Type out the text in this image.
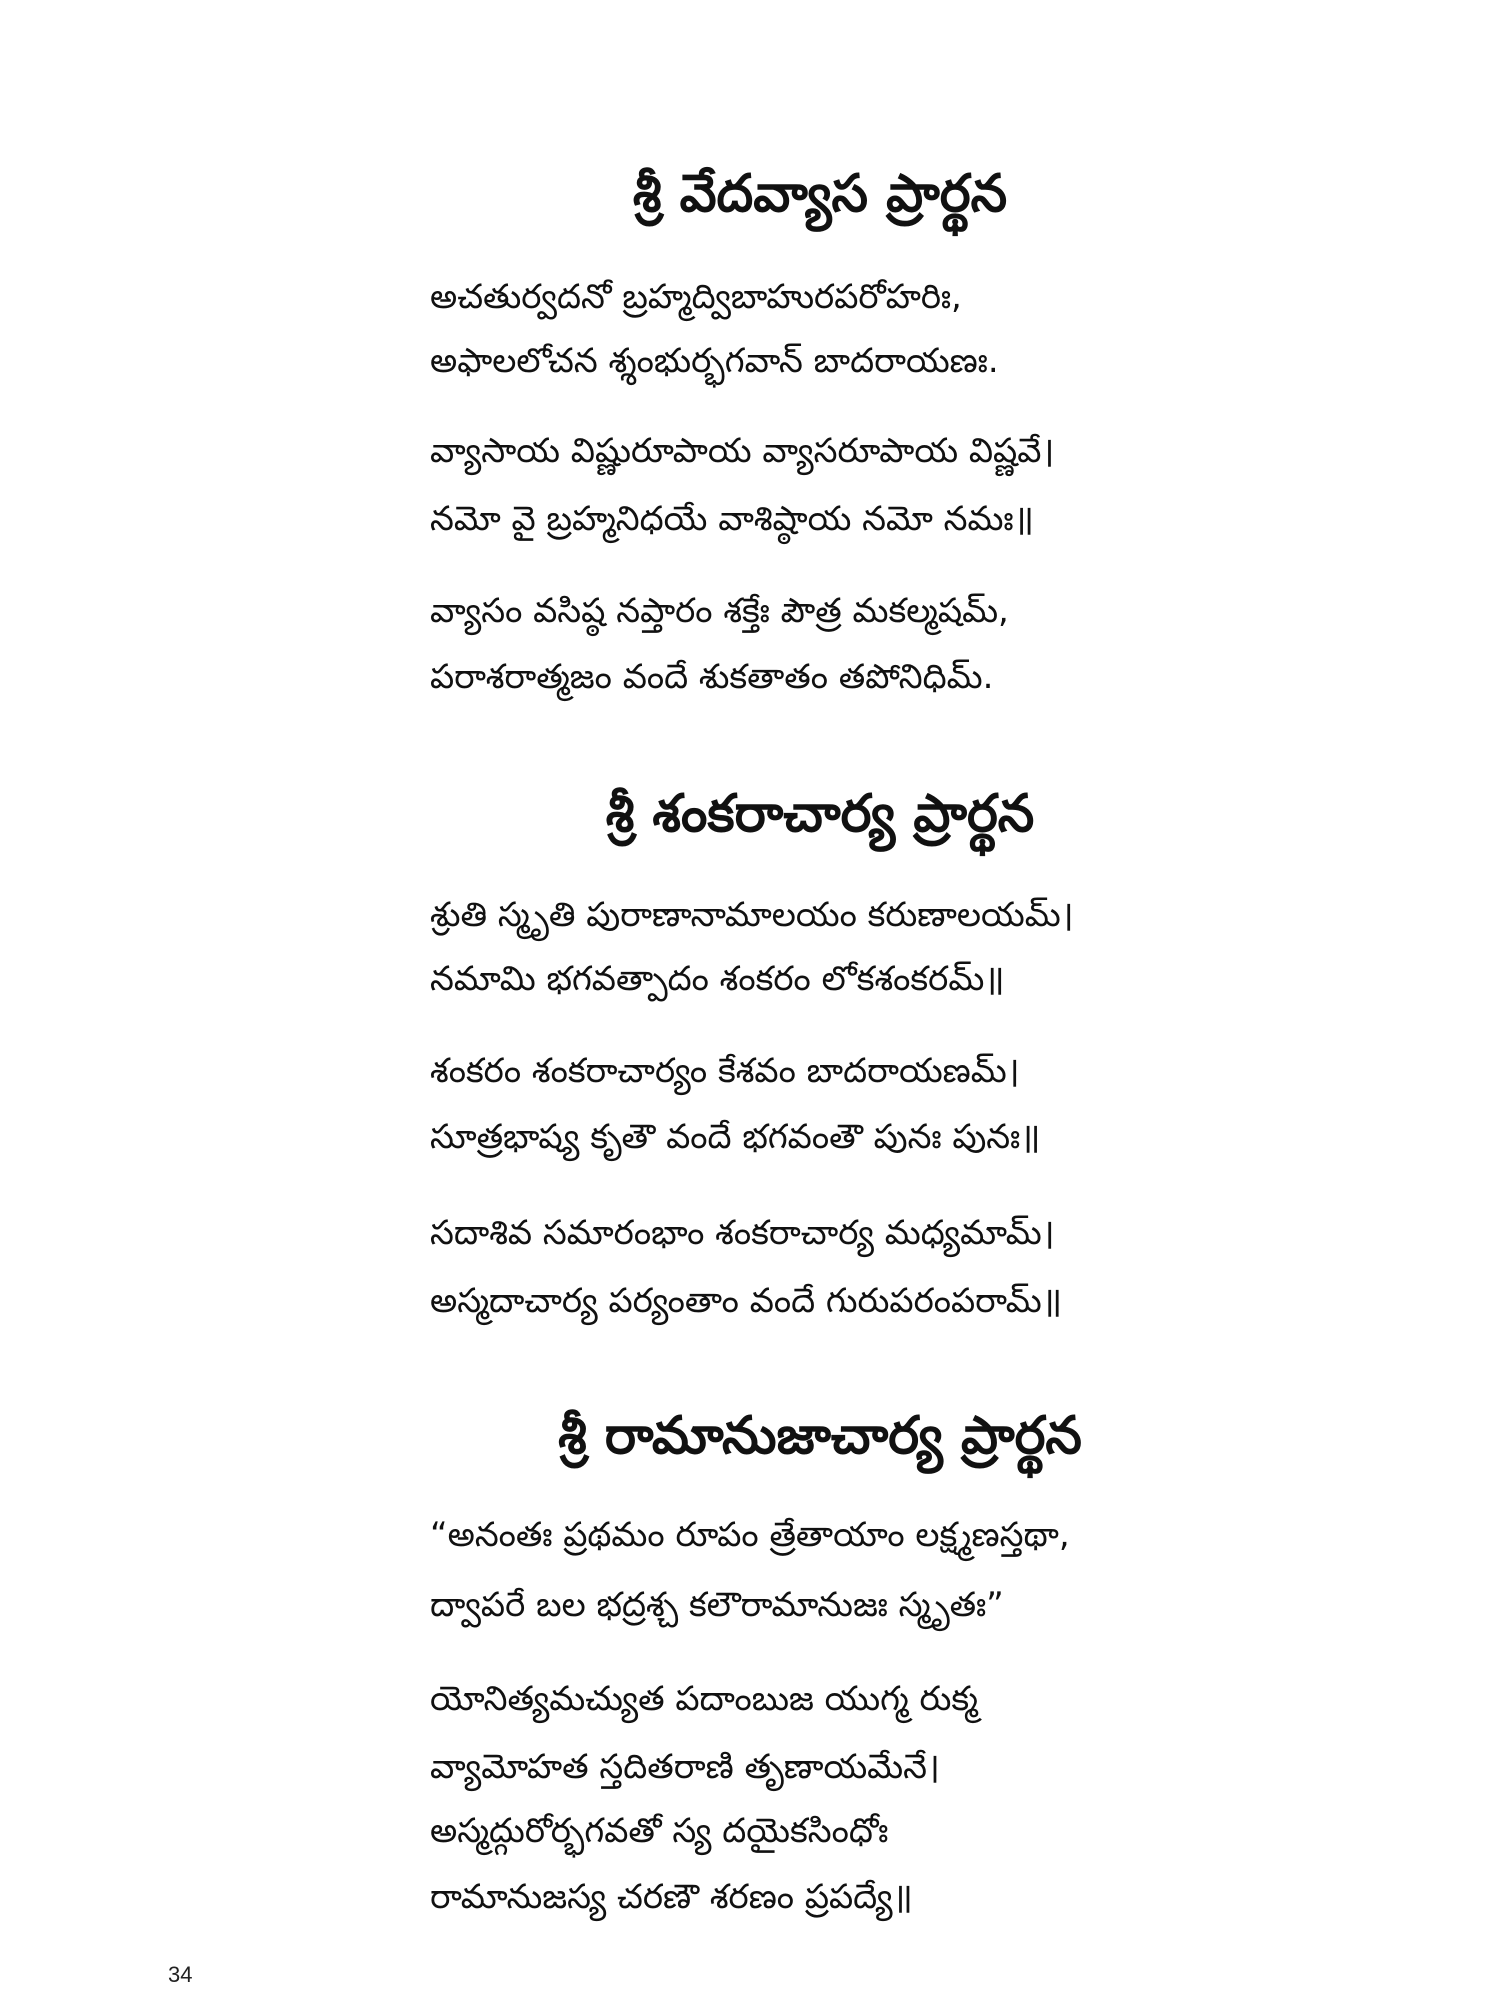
శ్రీ వేదవ్యాస ప్రార్థన
అచతుర్వదనో బ్రహ్మద్విబాహురపరోహరిః,
అఫాలలోచన శ్శంభుర్భగవాన్ బాదరాయణః.
వ్యాసాయ విష్ణురూపాయ వ్యాసరూపాయ విష్ణవే।
నమో వై బ్రహ్మనిధయే వాశిష్ఠాయ నమో నమః॥
వ్యాసం వసిష్ఠ నప్తారం శక్తేః పౌత్ర మకల్మషమ్,
పరాశరాత్మజం వందే శుకతాతం తపోనిధిమ్.
శ్రీ శంకరాచార్య ప్రార్థన
శ్రుతి స్మృతి పురాణానామాలయం కరుణాలయమ్।
నమామి భగవత్పాదం శంకరం లోకశంకరమ్॥
శంకరం శంకరాచార్యం కేశవం బాదరాయణమ్।
సూత్రభాష్య కృతౌ వందే భగవంతౌ పునః పునః॥
సదాశివ సమారంభాం శంకరాచార్య మధ్యమామ్।
అస్మదాచార్య పర్యంతాం వందే గురుపరంపరామ్॥
శ్రీ రామానుజాచార్య ప్రార్థన
“అనంతః ప్రథమం రూపం త్రేతాయాం లక్ష్మణస్తథా,
ద్వాపరే బల భద్రశ్చ కలౌరామానుజః స్మృతః”
యోనిత్యమచ్యుత పదాంబుజ యుగ్మ రుక్మ
వ్యామోహత స్తదితరాణి తృణాయమేనే।
అస్మద్గురోర్భగవతో స్య దయైకసింధోః
రామానుజస్య చరణౌ శరణం ప్రపద్యే॥
34
